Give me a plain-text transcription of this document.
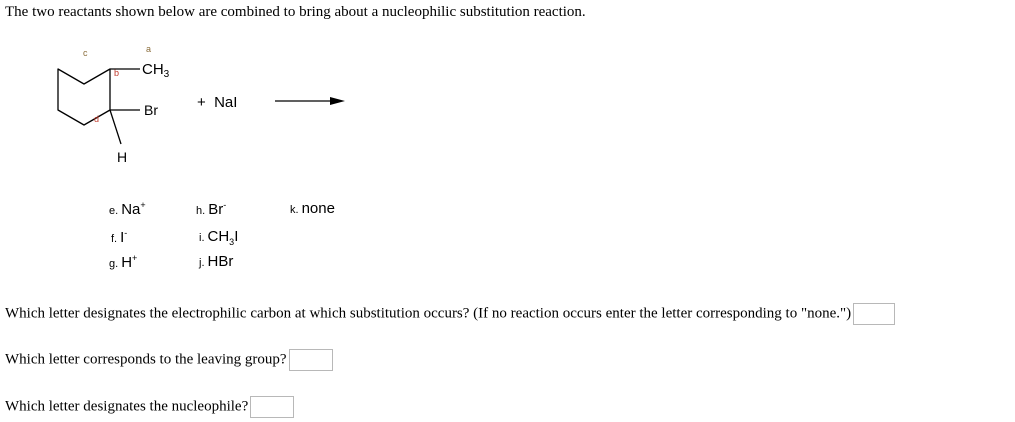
The two reactants shown below are combined to bring about a nucleophilic substitution reaction.
c	a
b
d
$CH_3$
Br
H
+  NaI
e. Na+
f. I-
g. H+
h. Br-
i. $CH_3I$
j. HBr
k. none
Which letter designates the electrophilic carbon at which substitution occurs? (If no reaction occurs enter the letter corresponding to "none.")
Which letter corresponds to the leaving group?
Which letter designates the nucleophile?
